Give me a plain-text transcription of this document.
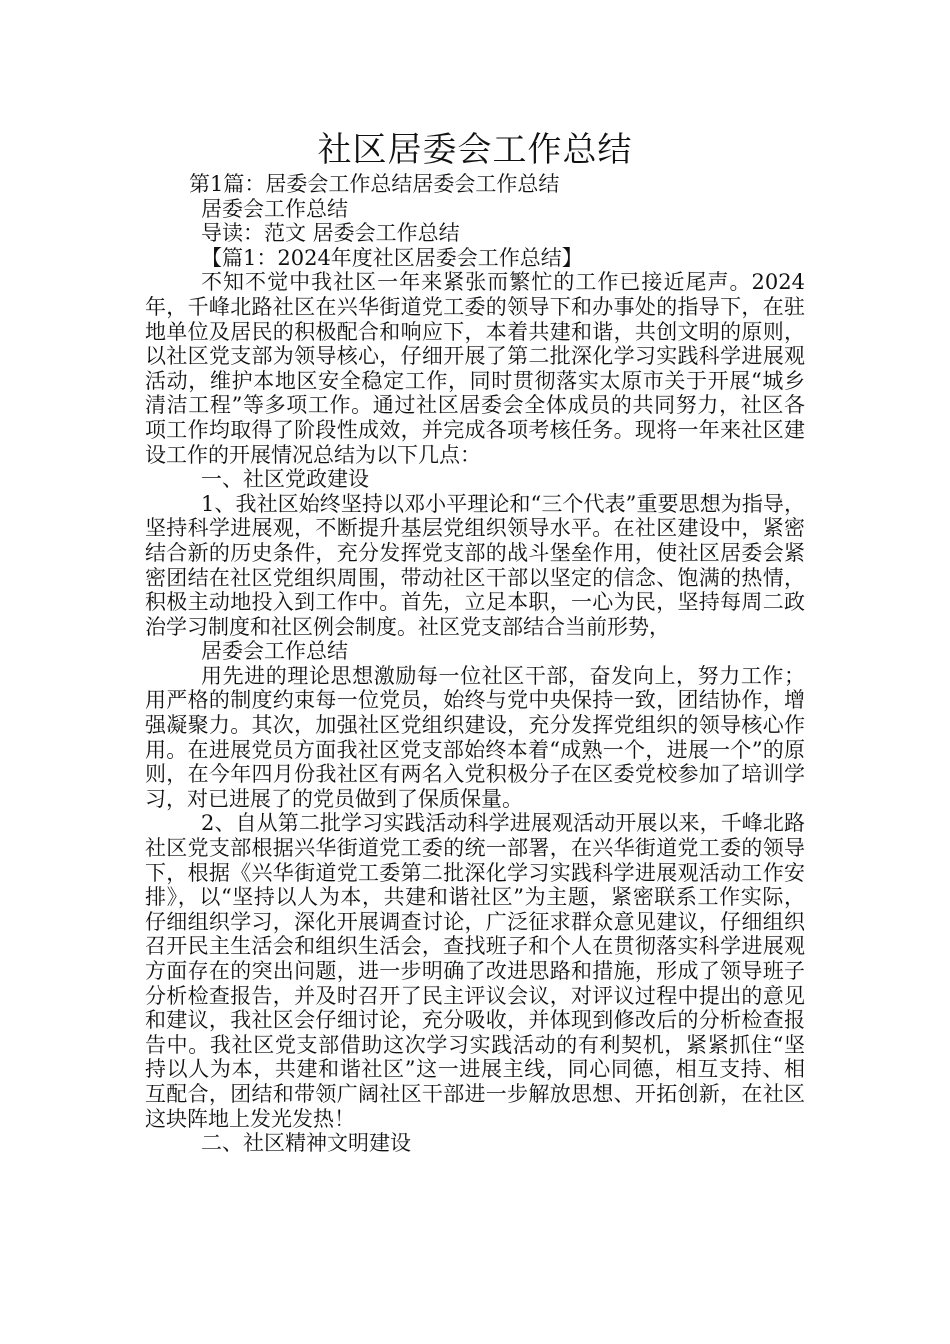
社区居委会工作总结

第1篇：居委会工作总结居委会工作总结

居委会工作总结

导读：范文 居委会工作总结

【篇1：2024年度社区居委会工作总结】

不知不觉中我社区一年来紧张而繁忙的工作已接近尾声。2024年，千峰北路社区在兴华街道党工委的领导下和办事处的指导下，在驻地单位及居民的积极配合和响应下，本着共建和谐，共创文明的原则，以社区党支部为领导核心，仔细开展了第二批深化学习实践科学进展观活动，维护本地区安全稳定工作，同时贯彻落实太原市关于开展“城乡清洁工程”等多项工作。通过社区居委会全体成员的共同努力，社区各项工作均取得了阶段性成效，并完成各项考核任务。现将一年来社区建设工作的开展情况总结为以下几点：

一、社区党政建设

1、我社区始终坚持以邓小平理论和“三个代表”重要思想为指导，坚持科学进展观，不断提升基层党组织领导水平。在社区建设中，紧密结合新的历史条件，充分发挥党支部的战斗堡垒作用，使社区居委会紧密团结在社区党组织周围，带动社区干部以坚定的信念、饱满的热情，积极主动地投入到工作中。首先，立足本职，一心为民，坚持每周二政治学习制度和社区例会制度。社区党支部结合当前形势，

居委会工作总结

用先进的理论思想激励每一位社区干部，奋发向上，努力工作；用严格的制度约束每一位党员，始终与党中央保持一致，团结协作，增强凝聚力。其次，加强社区党组织建设，充分发挥党组织的领导核心作用。在进展党员方面我社区党支部始终本着“成熟一个，进展一个”的原则，在今年四月份我社区有两名入党积极分子在区委党校参加了培训学习，对已进展了的党员做到了保质保量。

2、自从第二批学习实践活动科学进展观活动开展以来，千峰北路社区党支部根据兴华街道党工委的统一部署，在兴华街道党工委的领导下，根据《兴华街道党工委第二批深化学习实践科学进展观活动工作安排》，以“坚持以人为本，共建和谐社区”为主题，紧密联系工作实际，仔细组织学习，深化开展调查讨论，广泛征求群众意见建议，仔细组织召开民主生活会和组织生活会，查找班子和个人在贯彻落实科学进展观方面存在的突出问题，进一步明确了改进思路和措施，形成了领导班子分析检查报告，并及时召开了民主评议会议，对评议过程中提出的意见和建议，我社区会仔细讨论，充分吸收，并体现到修改后的分析检查报告中。我社区党支部借助这次学习实践活动的有利契机，紧紧抓住“坚持以人为本，共建和谐社区”这一进展主线，同心同德，相互支持、相互配合，团结和带领广阔社区干部进一步解放思想、开拓创新，在社区这块阵地上发光发热！

二、社区精神文明建设
